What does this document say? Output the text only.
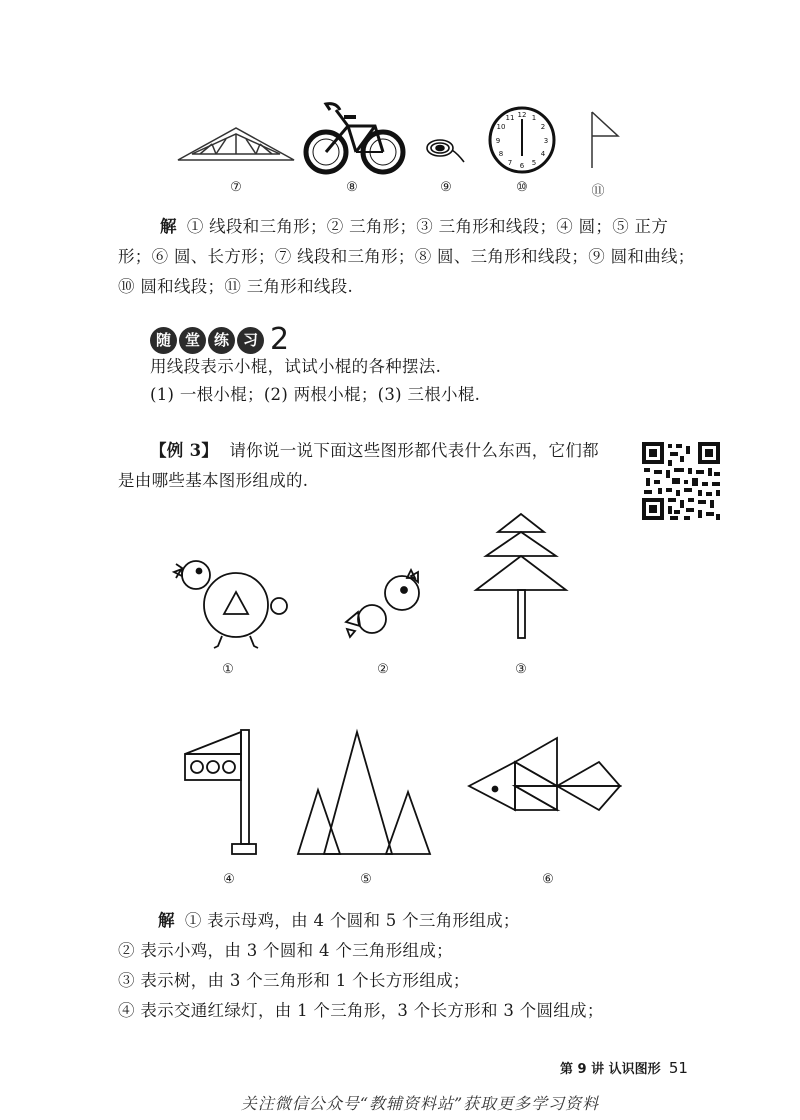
12 1
2
3
4
5
6
7
8
9
10
11
⑦	⑧	⑨	⑩	⑪
解 ① 线段和三角形；② 三角形；③ 三角形和线段；④ 圆；⑤ 正方
形；⑥ 圆、长方形；⑦ 线段和三角形；⑧ 圆、三角形和线段；⑨ 圆和曲线；
⑩ 圆和线段；⑪ 三角形和线段.
随 堂 练 习 2
用线段表示小棍，试试小棍的各种摆法.
(1) 一根小棍；(2) 两根小棍；(3) 三根小棍.
【例 3】 请你说一说下面这些图形都代表什么东西，它们都
是由哪些基本图形组成的.
①	②	③
④	⑤	⑥
解 ① 表示母鸡，由 4 个圆和 5 个三角形组成；
② 表示小鸡，由 3 个圆和 4 个三角形组成；
③ 表示树，由 3 个三角形和 1 个长方形组成；
④ 表示交通红绿灯，由 1 个三角形，3 个长方形和 3 个圆组成；
第 9 讲 认识图形 51
关注微信公众号“教辅资料站”获取更多学习资料
